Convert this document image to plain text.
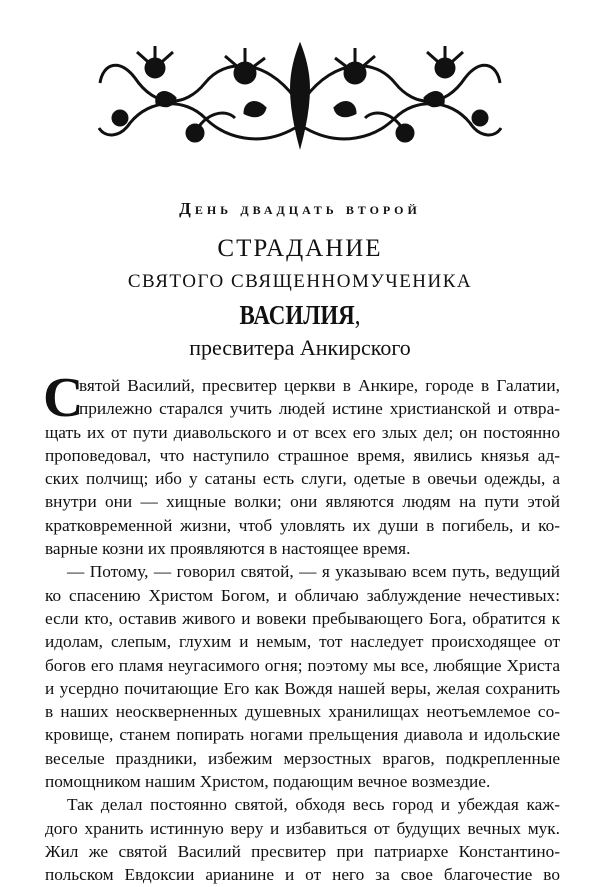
День двадцать второй
СТРАДАНИЕ
СВЯТОГО СВЯЩЕННОМУЧЕНИКА
ВАСИЛИЯ,
пресвитера Анкирского
С
вятой Василий, пресвитер церкви в Анкире, городе в Галатии,
прилежно старался учить людей истине христианской и отвра-
щать их от пути диавольского и от всех его злых дел; он постоянно
проповедовал, что наступило страшное время, явились князья ад-
ских полчищ; ибо у сатаны есть слуги, одетые в овечьи одежды, а
внутри они — хищные волки; они являются людям на пути этой
кратковременной жизни, чтоб уловлять их души в погибель, и ко-
варные козни их проявляются в настоящее время.
— Потому, — говорил святой, — я указываю всем путь, ведущий
ко спасению Христом Богом, и обличаю заблуждение нечестивых:
если кто, оставив живого и вовеки пребывающего Бога, обратится к
идолам, слепым, глухим и немым, тот наследует происходящее от
богов его пламя неугасимого огня; поэтому мы все, любящие Христа
и усердно почитающие Его как Вождя нашей веры, желая сохранить
в наших неоскверненных душевных хранилищах неотъемлемое со-
кровище, станем попирать ногами прельщения диавола и идольские
веселые праздники, избежим мерзостных врагов, подкрепленные
помощником нашим Христом, подающим вечное возмездие.
Так делал постоянно святой, обходя весь город и убеждая каж-
дого хранить истинную веру и избавиться от будущих вечных мук.
Жил же святой Василий пресвитер при патриархе Константино-
польском Евдоксии арианине и от него за свое благочестие во
